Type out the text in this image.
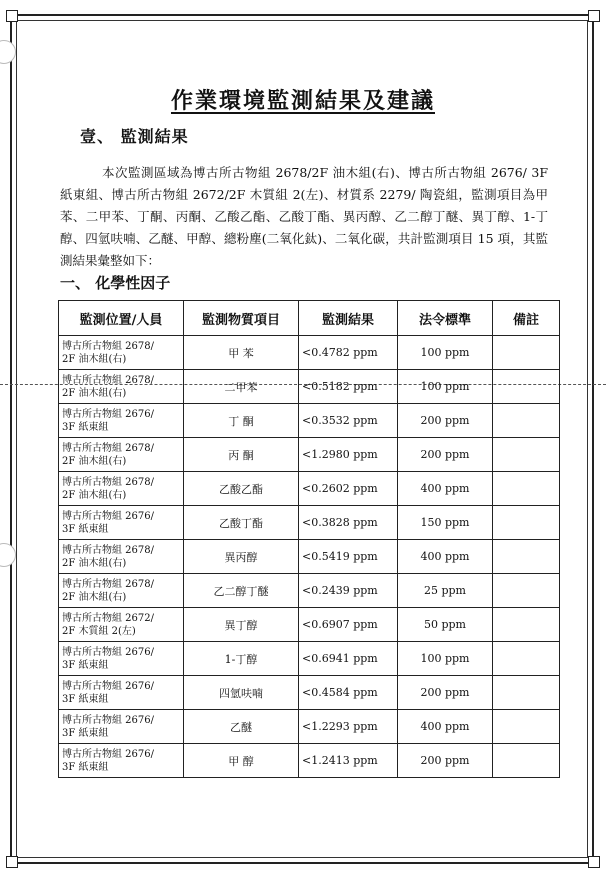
作業環境監測結果及建議
壹、 監測結果
本次監測區域為博古所古物組 2678/2F 油木組(右)、博古所古物組 2676/ 3F 紙東組、博古所古物組 2672/2F 木質組 2(左)、材質系 2279/ 陶瓷組，監測項目為甲苯、二甲苯、丁酮、丙酮、乙酸乙酯、乙酸丁酯、異丙醇、乙二醇丁醚、異丁醇、1-丁醇、四氫呋喃、乙醚、甲醇、總粉塵(二氧化鈦)、二氧化碳，共計監測項目 15 項，其監測結果彙整如下：
一、 化學性因子
監測位置/人員	監測物質項目	監測結果	法令標準	備註
博古所古物組 2678/
2F 油木組(右)	甲 苯	<0.4782 ppm	100 ppm	
博古所古物組 2678/
2F 油木組(右)	二甲苯	<0.5182 ppm	100 ppm	
博古所古物組 2676/
3F 紙東組	丁 酮	<0.3532 ppm	200 ppm	
博古所古物組 2678/
2F 油木組(右)	丙 酮	<1.2980 ppm	200 ppm	
博古所古物組 2678/
2F 油木組(右)	乙酸乙酯	<0.2602 ppm	400 ppm	
博古所古物組 2676/
3F 紙東組	乙酸丁酯	<0.3828 ppm	150 ppm	
博古所古物組 2678/
2F 油木組(右)	異丙醇	<0.5419 ppm	400 ppm	
博古所古物組 2678/
2F 油木組(右)	乙二醇丁醚	<0.2439 ppm	25 ppm	
博古所古物組 2672/
2F 木質組 2(左)	異丁醇	<0.6907 ppm	50 ppm	
博古所古物組 2676/
3F 紙東組	1-丁醇	<0.6941 ppm	100 ppm	
博古所古物組 2676/
3F 紙東組	四氫呋喃	<0.4584 ppm	200 ppm	
博古所古物組 2676/
3F 紙東組	乙醚	<1.2293 ppm	400 ppm	
博古所古物組 2676/
3F 紙東組	甲 醇	<1.2413 ppm	200 ppm	
